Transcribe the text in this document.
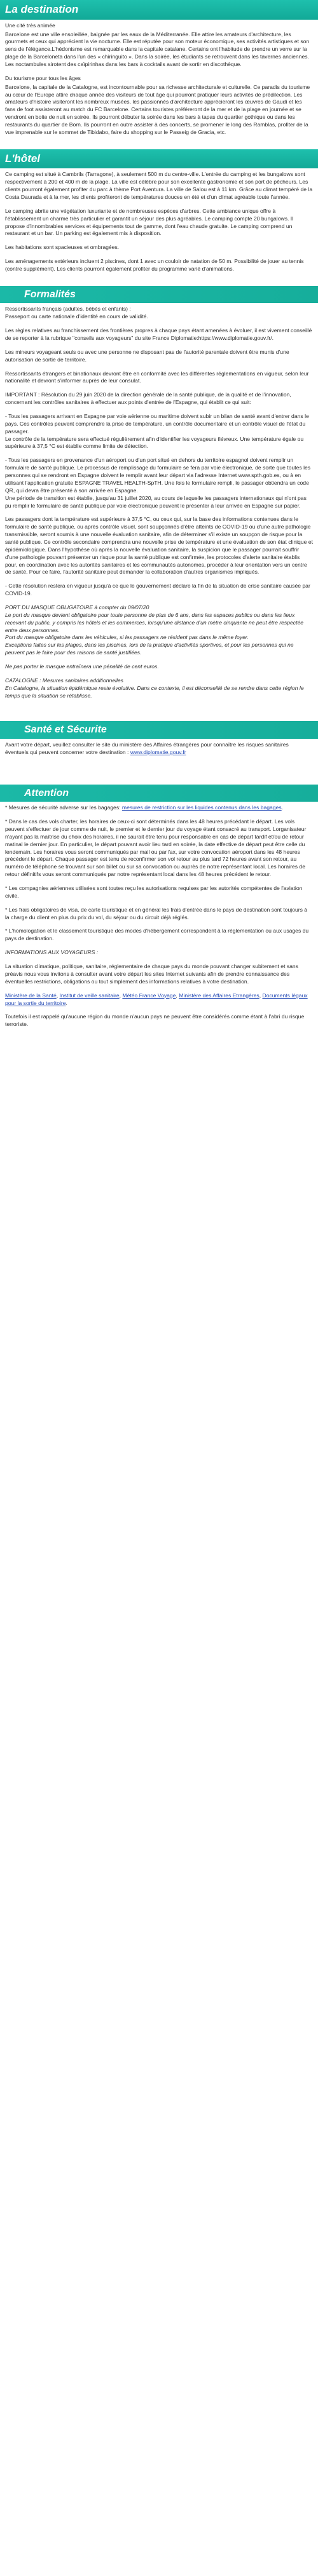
La destination

Une cité très animée

Barcelone est une ville ensoleillée, baignée par les eaux de la Méditerranée. Elle attire les amateurs d'architecture, les gourmets et ceux qui apprécient la vie nocturne. Elle est réputée pour son moteur économique, ses activités artistiques et son sens de l'élégance.L'hédonisme est remarquable dans la capitale catalane. Certains ont l'habitude de prendre un verre sur la plage de la Barceloneta dans l'un des « chiringuito ». Dans la soirée, les étudiants se retrouvent dans les tavernes anciennes. Les noctambules sirotent des caïpirinhas dans les bars à cocktails avant de sortir en discothèque.

Du tourisme pour tous les âges

Barcelone, la capitale de la Catalogne, est incontournable pour sa richesse architecturale et culturelle. Ce paradis du tourisme au cœur de l'Europe attire chaque année des visiteurs de tout âge qui pourront pratiquer leurs activités de prédilection. Les amateurs d'histoire visiteront les nombreux musées, les passionnés d'architecture apprécieront les œuvres de Gaudí et les fans de foot assisteront au match du FC Barcelone. Certains touristes préféreront de la mer et de la plage en journée et se vendront en boite de nuit en soirée. Ils pourront débuter la soirée dans les bars à tapas du quartier gothique ou dans les restaurants du quartier de Born. Ils pourront en outre assister à des concerts, se promener le long des Ramblas, profiter de la vue imprenable sur le sommet de Tibidabo, faire du shopping sur le Passeig de Gracia, etc.

L'hôtel

Ce camping est situé à Cambrils (Tarragone), à seulement 500 m du centre-ville. L'entrée du camping et les bungalows sont respectivement à 200 et 400 m de la plage. La ville est célèbre pour son excellente gastronomie et son port de pêcheurs. Les clients pourront également profiter du parc à thème Port Aventura. La ville de Salou est à 11 km. Grâce au climat tempéré de la Costa Daurada et à la mer, les clients profiteront de températures douces en été et d'un climat agréable toute l'année.

Le camping abrite une végétation luxuriante et de nombreuses espèces d'arbres. Cette ambiance unique offre à l'établissement un charme très particulier et garantit un séjour des plus agréables. Le camping compte 20 bungalows. Il propose d'innombrables services et équipements tout de gamme, dont l'eau chaude gratuite. Le camping comprend un restaurant et un bar. Un parking est également mis à disposition.

Les habitations sont spacieuses et ombragées.

Les aménagements extérieurs incluent 2 piscines, dont 1 avec un couloir de natation de 50 m. Possibilité de jouer au tennis (contre supplément). Les clients pourront également profiter du programme varié d'animations.

Formalités

Ressortissants français (adultes, bébés et enfants) :
Passeport ou carte nationale d'identité en cours de validité.

Les règles relatives au franchissement des frontières propres à chaque pays étant amenées à évoluer, il est vivement conseillé de se reporter à la rubrique "conseils aux voyageurs" du site France Diplomatie:https://www.diplomatie.gouv.fr/.

Les mineurs voyageant seuls ou avec une personne ne disposant pas de l'autorité parentale doivent être munis d'une autorisation de sortie de territoire.

Ressortissants étrangers et binationaux devront être en conformité avec les différentes réglementations en vigueur, selon leur nationalité et devront s'informer auprès de leur consulat.

IMPORTANT : Résolution du 29 juin 2020 de la direction générale de la santé publique, de la qualité et de l'innovation, concernant les contrôles sanitaires à effectuer aux points d'entrée de l'Espagne, qui établit ce qui suit:

- Tous les passagers arrivant en Espagne par voie aérienne ou maritime doivent subir un bilan de santé avant d'entrer dans le pays. Ces contrôles peuvent comprendre la prise de température, un contrôle documentaire et un contrôle visuel de l'état du passager.
Le contrôle de la température sera effectué régulièrement afin d'identifier les voyageurs fiévreux. Une température égale ou supérieure à 37,5 °C est établie comme limite de détection.

- Tous les passagers en provenance d'un aéroport ou d'un port situé en dehors du territoire espagnol doivent remplir un formulaire de santé publique. Le processus de remplissage du formulaire se fera par voie électronique, de sorte que toutes les personnes qui se rendront en Espagne doivent le remplir avant leur départ via l'adresse Internet www.spth.gob.es, ou à en utilisant l'application gratuite ESPAGNE TRAVEL HEALTH-SpTH. Une fois le formulaire rempli, le passager obtiendra un code QR, qui devra être présenté à son arrivée en Espagne.
Une période de transition est établie, jusqu'au 31 juillet 2020, au cours de laquelle les passagers internationaux qui n'ont pas pu remplir le formulaire de santé publique par voie électronique peuvent le présenter à leur arrivée en Espagne sur papier.

Les passagers dont la température est supérieure à 37,5 °C, ou ceux qui, sur la base des informations contenues dans le formulaire de santé publique, ou après contrôle visuel, sont soupçonnés d'être atteints de COVID-19 ou d'une autre pathologie transmissible, seront soumis à une nouvelle évaluation sanitaire, afin de déterminer s'il existe un soupçon de risque pour la santé publique. Ce contrôle secondaire comprendra une nouvelle prise de température et une évaluation de son état clinique et épidémiologique. Dans l'hypothèse où après la nouvelle évaluation sanitaire, la suspicion que le passager pourrait souffrir d'une pathologie pouvant présenter un risque pour la santé publique est confirmée, les protocoles d'alerte sanitaire établis pour, en coordination avec les autorités sanitaires et les communautés autonomes, procéder à leur orientation vers un centre de santé. Pour ce faire, l'autorité sanitaire peut demander la collaboration d'autres organismes impliqués.

- Cette résolution restera en vigueur jusqu'à ce que le gouvernement déclare la fin de la situation de crise sanitaire causée par COVID-19.

PORT DU MASQUE OBLIGATOIRE à compter du 09/07/20
Le port du masque devient obligatoire pour toute personne de plus de 6 ans, dans les espaces publics ou dans les lieux recevant du public, y compris les hôtels et les commerces, lorsqu'une distance d'un mètre cinquante ne peut être respectée entre deux personnes.
Port du masque obligatoire dans les véhicules, si les passagers ne résident pas dans le même foyer.
Exceptions faites sur les plages, dans les piscines, lors de la pratique d'activités sportives, et pour les personnes qui ne peuvent pas le faire pour des raisons de santé justifiées.

Ne pas porter le masque entraînera une pénalité de cent euros.

CATALOGNE : Mesures sanitaires additionnelles
En Catalogne, la situation épidémique reste évolutive. Dans ce contexte, il est déconseillé de se rendre dans cette région le temps que la situation se rétablisse.

Santé et Sécurite

Avant votre départ, veuillez consulter le site du ministère des Affaires étrangères pour connaître les risques sanitaires éventuels qui peuvent concerner votre destination : www.diplomatie.gouv.fr

Attention

* Mesures de sécurité adverse sur les bagages: mesures de restriction sur les liquides contenus dans les bagages.

* Dans le cas des vols charter, les horaires de ceux-ci sont déterminés dans les 48 heures précédant le départ. Les vols peuvent s'effectuer de jour comme de nuit, le premier et le dernier jour du voyage étant consacré au transport. Lorganisateur n'ayant pas la maîtrise du choix des horaires, il ne saurait être tenu pour responsable en cas de départ tardif et/ou de retour matinal le dernier jour. En particulier, le départ pouvant avoir lieu tard en soirée, la date effective de départ peut être celle du lendemain. Les horaires vous seront communiqués par mail ou par fax, sur votre convocation aéroport dans les 48 heures précédent le départ. Chaque passager est tenu de reconfirmer son vol retour au plus tard 72 heures avant son retour, au numéro de téléphone se trouvant sur son billet ou sur sa convocation ou auprès de notre représentant local. Les horaires de retour définitifs vous seront communiqués par notre représentant local dans les 48 heures précédent le retour.

* Les compagnies aériennes utilisées sont toutes reçu les autorisations requises par les autorités compétentes de l'aviation civile.

* Les frais obligatoires de visa, de carte touristique et en général les frais d'entrée dans le pays de destination sont toujours à la charge du client en plus du prix du vol, du séjour ou du circuit déjà réglés.

* L'homologation et le classement touristique des modes d'hébergement correspondent à la réglementation ou aux usages du pays de destination.

INFORMATIONS AUX VOYAGEURS :

La situation climatique, politique, sanitaire, réglementaire de chaque pays du monde pouvant changer subitement et sans préavis nous vous invitons à consulter avant votre départ les sites Internet suivants afin de prendre connaissance des éventuelles restrictions, obligations ou tout simplement des informations relatives à votre destination.

Ministère de la Santé, Institut de veille sanitaire, Météo France Voyage, Ministère des Affaires Etrangères, Documents légaux pour la sortie du territoire.

Toutefois il est rappelé qu'aucune région du monde n'aucun pays ne peuvent être considérés comme étant à l'abri du risque terroriste.
